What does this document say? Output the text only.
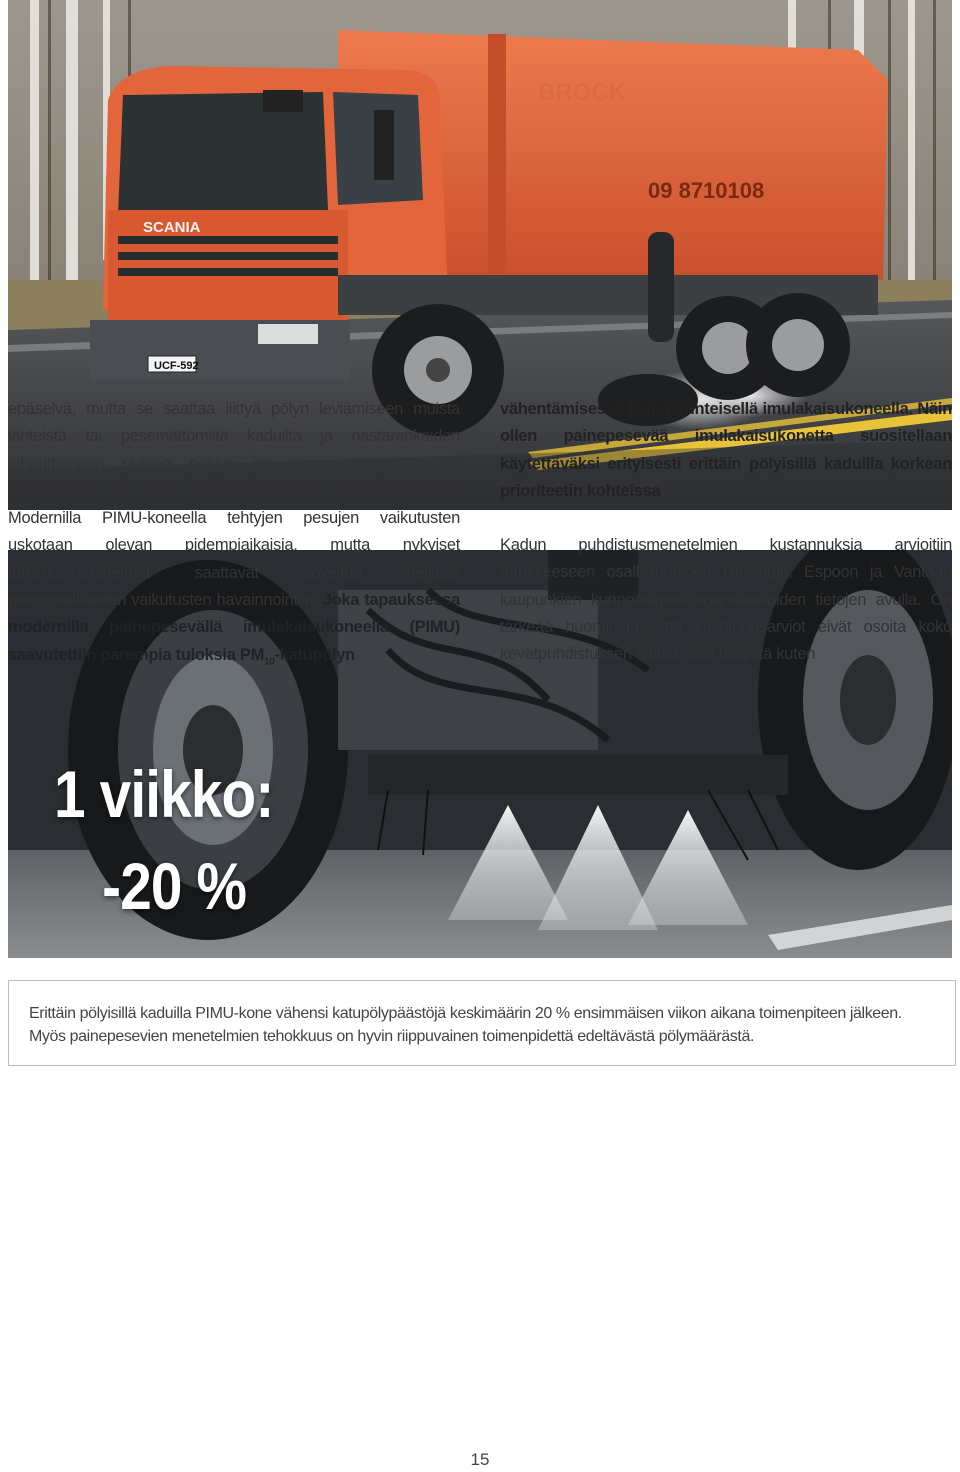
09 8710108
BROCK
SCANIA
UCF-592
1 viikko:
-20 %
Erittäin pölyisillä kaduilla PIMU-kone vähensi katupölypäästöjä keskimäärin 20 % ensimmäisen viikon aikana toimenpiteen jälkeen. Myös painepesevien menetelmien tehokkuus on hyvin riippuvainen toimenpidettä edeltävästä pölymäärästä.

epäselvä, mutta se saattaa liittyä pölyn leviämiseen muista lähteistä tai pesemättömiltä kaduilta ja nastarenkaiden aiheuttamaan uuteen pölyyn jos nastarenkaiden osuus liikenteessä on vielä pesutoimenpiteen jälkeen korkea. Modernilla PIMU-koneella tehtyjen pesujen vaikutusten uskotaan olevan pidempiaikaisia, mutta nykyiset tutkimusmenetelmät saattavat soveltua heikosti pidempiaikaisten vaikutusten havainnointiin. Joka tapauksessa modernilla painepesevällä imulakaisukoneella (PIMU) saavutettiin parempia tuloksia $PM_{10}$-katupölyn

vähentämisessä kuin perinteisellä imulakaisukoneella. Näin ollen painepesevää imulakaisukonetta suositellaan käytettäväksi erityisesti erittäin pölyisillä kaduilla korkean prioriteetin kohteissa.

Kadun puhdistusmenetelmien kustannuksia arvioitiin hankkeeseen osallistuneiden Helsingin, Espoon ja Vantaan kaupunkien kunnossapito-organisaatioiden tietojen avulla. On tärkeää huomioida, että kustannusarviot eivät osoita koko kevätpuhdistuksen hintaa, sillä tekijöitä kuten

15
